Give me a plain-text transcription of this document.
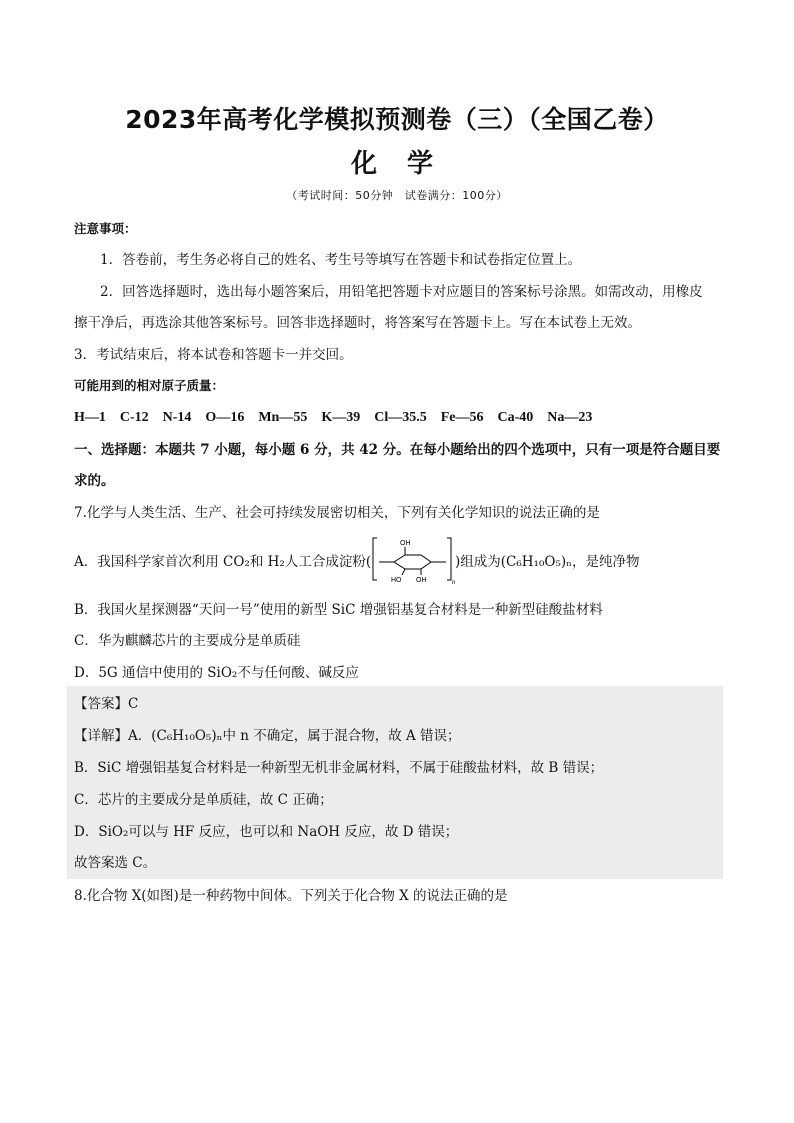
2023年高考化学模拟预测卷（三）（全国乙卷）
化学
（考试时间：50分钟　试卷满分：100分）
注意事项：
1．答卷前，考生务必将自己的姓名、考生号等填写在答题卡和试卷指定位置上。
2．回答选择题时，选出每小题答案后，用铅笔把答题卡对应题目的答案标号涂黑。如需改动，用橡皮
擦干净后，再选涂其他答案标号。回答非选择题时，将答案写在答题卡上。写在本试卷上无效。
3．考试结束后，将本试卷和答题卡一并交回。
可能用到的相对原子质量：
H—1　C-12　N-14　O—16　Mn—55　K—39　Cl—35.5　Fe—56　Ca-40　Na—23
一、选择题：本题共 7 小题，每小题 6 分，共 42 分。在每小题给出的四个选项中，只有一项是符合题目要
求的。
7.化学与人类生活、生产、社会可持续发展密切相关，下列有关化学知识的说法正确的是
A．我国科学家首次利用 CO₂和 H₂人工合成淀粉(
OH
HO OH	n
)组成为(C₆H₁₀O₅)ₙ，是纯净物
B．我国火星探测器“天问一号”使用的新型 SiC 增强铝基复合材料是一种新型硅酸盐材料
C．华为麒麟芯片的主要成分是单质硅
D．5G 通信中使用的 SiO₂不与任何酸、碱反应
【答案】C
【详解】A．(C₆H₁₀O₅)ₙ中 n 不确定，属于混合物，故 A 错误；
B．SiC 增强铝基复合材料是一种新型无机非金属材料，不属于硅酸盐材料，故 B 错误；
C．芯片的主要成分是单质硅，故 C 正确；
D．SiO₂可以与 HF 反应，也可以和 NaOH 反应，故 D 错误；
故答案选 C。
8.化合物 X(如图)是一种药物中间体。下列关于化合物 X 的说法正确的是
